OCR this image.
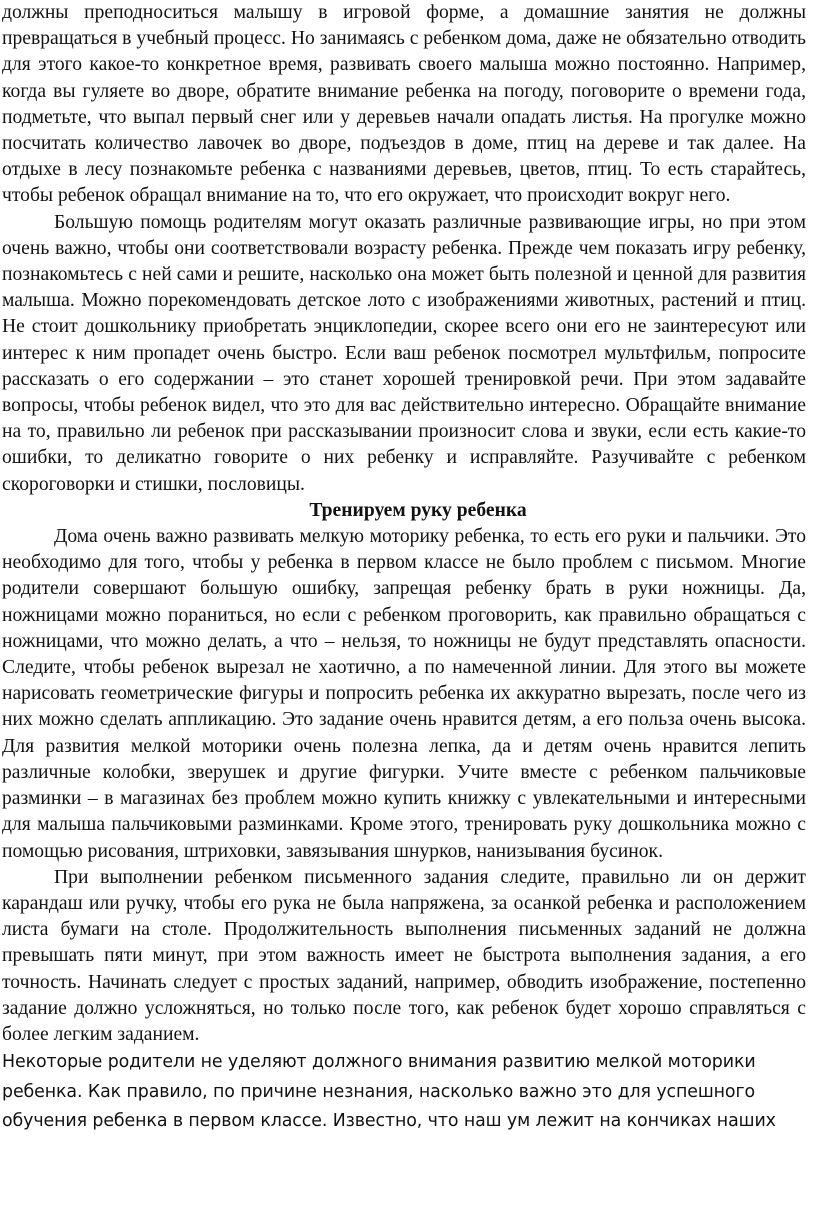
должны преподноситься малышу в игровой форме, а домашние занятия не должны превращаться в учебный процесс. Но занимаясь с ребенком дома, даже не обязательно отводить для этого какое-то конкретное время, развивать своего малыша можно постоянно. Например, когда вы гуляете во дворе, обратите внимание ребенка на погоду, поговорите о времени года, подметьте, что выпал первый снег или у деревьев начали опадать листья. На прогулке можно посчитать количество лавочек во дворе, подъездов в доме, птиц на дереве и так далее. На отдыхе в лесу познакомьте ребенка с названиями деревьев, цветов, птиц. То есть старайтесь, чтобы ребенок обращал внимание на то, что его окружает, что происходит вокруг него.

Большую помощь родителям могут оказать различные развивающие игры, но при этом очень важно, чтобы они соответствовали возрасту ребенка. Прежде чем показать игру ребенку, познакомьтесь с ней сами и решите, насколько она может быть полезной и ценной для развития малыша. Можно порекомендовать детское лото с изображениями животных, растений и птиц. Не стоит дошкольнику приобретать энциклопедии, скорее всего они его не заинтересуют или интерес к ним пропадет очень быстро. Если ваш ребенок посмотрел мультфильм, попросите рассказать о его содержании – это станет хорошей тренировкой речи. При этом задавайте вопросы, чтобы ребенок видел, что это для вас действительно интересно. Обращайте внимание на то, правильно ли ребенок при рассказывании произносит слова и звуки, если есть какие-то ошибки, то деликатно говорите о них ребенку и исправляйте. Разучивайте с ребенком скороговорки и стишки, пословицы.

Тренируем руку ребенка

Дома очень важно развивать мелкую моторику ребенка, то есть его руки и пальчики. Это необходимо для того, чтобы у ребенка в первом классе не было проблем с письмом. Многие родители совершают большую ошибку, запрещая ребенку брать в руки ножницы. Да, ножницами можно пораниться, но если с ребенком проговорить, как правильно обращаться с ножницами, что можно делать, а что – нельзя, то ножницы не будут представлять опасности. Следите, чтобы ребенок вырезал не хаотично, а по намеченной линии. Для этого вы можете нарисовать геометрические фигуры и попросить ребенка их аккуратно вырезать, после чего из них можно сделать аппликацию. Это задание очень нравится детям, а его польза очень высока. Для развития мелкой моторики очень полезна лепка, да и детям очень нравится лепить различные колобки, зверушек и другие фигурки. Учите вместе с ребенком пальчиковые разминки – в магазинах без проблем можно купить книжку с увлекательными и интересными для малыша пальчиковыми разминками. Кроме этого, тренировать руку дошкольника можно с помощью рисования, штриховки, завязывания шнурков, нанизывания бусинок.

При выполнении ребенком письменного задания следите, правильно ли он держит карандаш или ручку, чтобы его рука не была напряжена, за осанкой ребенка и расположением листа бумаги на столе. Продолжительность выполнения письменных заданий не должна превышать пяти минут, при этом важность имеет не быстрота выполнения задания, а его точность. Начинать следует с простых заданий, например, обводить изображение, постепенно задание должно усложняться, но только после того, как ребенок будет хорошо справляться с более легким заданием.

Некоторые родители не уделяют должного внимания развитию мелкой моторики

ребенка. Как правило, по причине незнания, насколько важно это для успешного

обучения ребенка в первом классе. Известно, что наш ум лежит на кончиках наших
